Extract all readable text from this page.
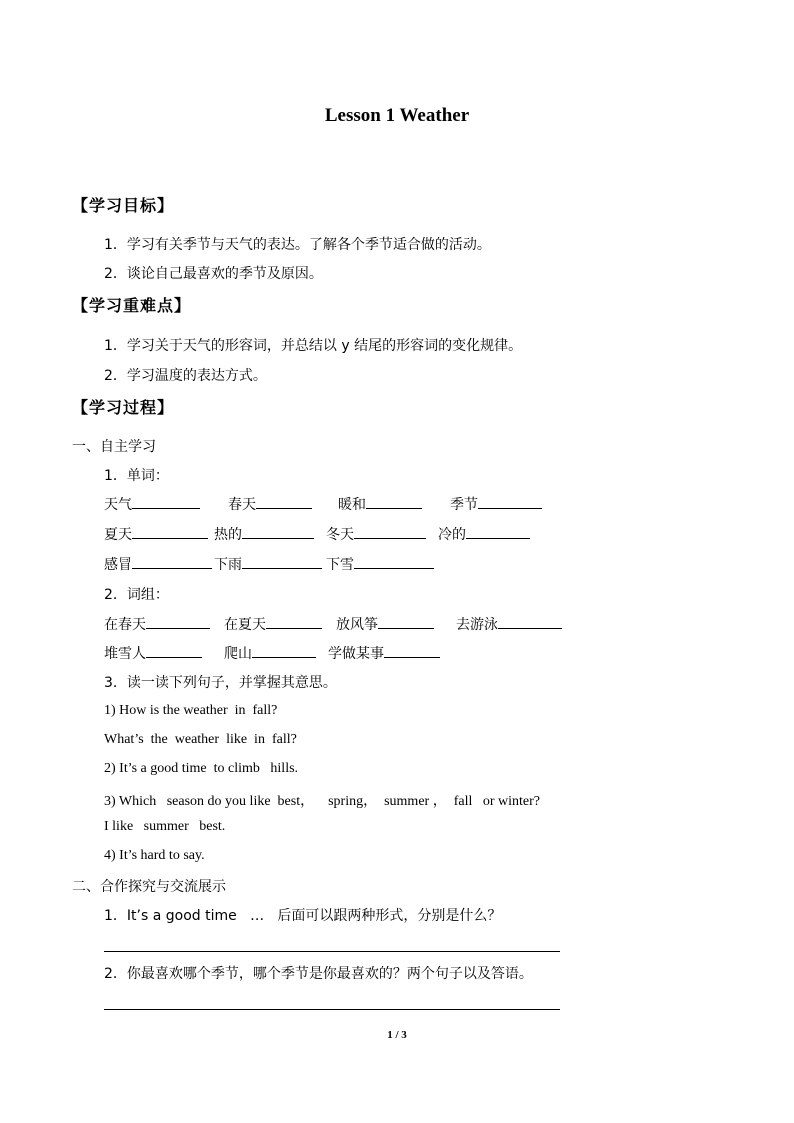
Lesson 1 Weather
【学习目标】
1．学习有关季节与天气的表达。了解各个季节适合做的活动。
2．谈论自己最喜欢的季节及原因。
【学习重难点】
1．学习关于天气的形容词，并总结以 y 结尾的形容词的变化规律。
2．学习温度的表达方式。
【学习过程】
一、自主学习
1．单词：
天气	春天	暖和	季节
夏天	热的	冬天	冷的
感冒	下雨	下雪
2．词组：
在春天	在夏天	放风筝	去游泳
堆雪人	爬山	学做某事
3．读一读下列句子，并掌握其意思。
1) How is the weather  in  fall?
What’s  the  weather  like  in  fall?
2) It’s a good time  to climb   hills.
3) Which   season do you like  best，    spring，  summer ，  fall   or winter?
I like   summer   best.
4) It’s hard to say.
二、合作探究与交流展示
1．It’s a good time   …   后面可以跟两种形式，分别是什么？
2．你最喜欢哪个季节，哪个季节是你最喜欢的？两个句子以及答语。
1 / 3
